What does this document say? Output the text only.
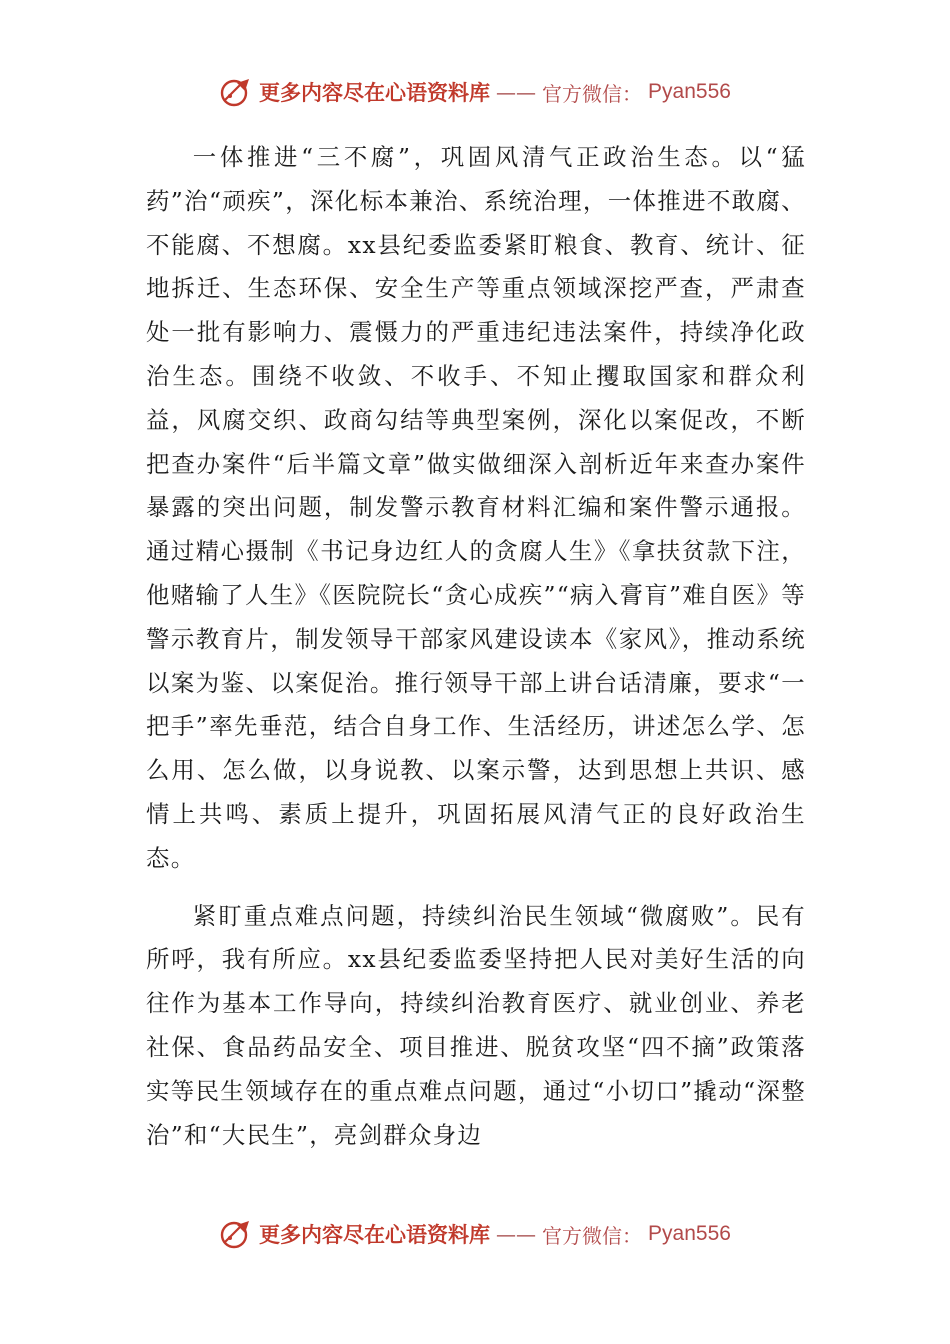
更多内容尽在心语资料库 —— 官方微信： Pyan556

一体推进“三不腐”，巩固风清气正政治生态。以“猛药”治“顽疾”，深化标本兼治、系统治理，一体推进不敢腐、不能腐、不想腐。xx县纪委监委紧盯粮食、教育、统计、征地拆迁、生态环保、安全生产等重点领域深挖严查，严肃查处一批有影响力、震慑力的严重违纪违法案件，持续净化政治生态。围绕不收敛、不收手、不知止攫取国家和群众利益，风腐交织、政商勾结等典型案例，深化以案促改，不断把查办案件“后半篇文章”做实做细深入剖析近年来查办案件暴露的突出问题，制发警示教育材料汇编和案件警示通报。通过精心摄制《书记身边红人的贪腐人生》《拿扶贫款下注，他赌输了人生》《医院院长“贪心成疾”“病入膏肓”难自医》等警示教育片，制发领导干部家风建设读本《家风》，推动系统以案为鉴、以案促治。推行领导干部上讲台话清廉，要求“一把手”率先垂范，结合自身工作、生活经历，讲述怎么学、怎么用、怎么做，以身说教、以案示警，达到思想上共识、感情上共鸣、素质上提升，巩固拓展风清气正的良好政治生态。

紧盯重点难点问题，持续纠治民生领域“微腐败”。民有所呼，我有所应。xx县纪委监委坚持把人民对美好生活的向往作为基本工作导向，持续纠治教育医疗、就业创业、养老社保、食品药品安全、项目推进、脱贫攻坚“四不摘”政策落实等民生领域存在的重点难点问题，通过“小切口”撬动“深整治”和“大民生”，亮剑群众身边

更多内容尽在心语资料库 —— 官方微信： Pyan556
